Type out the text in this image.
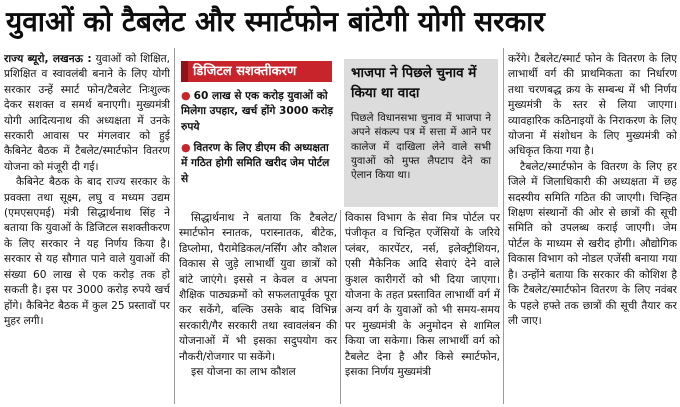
युवाओं को टैबलेट और स्मार्टफोन बांटेगी योगी सरकार

राज्य ब्यूरो, लखनऊ : युवाओं को शिक्षित, प्रशिक्षित व स्वावलंबी बनाने के लिए योगी सरकार उन्हें स्मार्ट फोन/टैबलेट निःशुल्क देकर सशक्त व समर्थ बनाएगी। मुख्यमंत्री योगी आदित्यनाथ की अध्यक्षता में उनके सरकारी आवास पर मंगलवार को हुई कैबिनेट बैठक में टैबलेट/स्मार्टफोन वितरण योजना को मंजूरी दी गई।

कैबिनेट बैठक के बाद राज्य सरकार के प्रवक्ता तथा सूक्ष्म, लघु व मध्यम उद्यम (एमएसएमई) मंत्री सिद्धार्थनाथ सिंह ने बताया कि युवाओं के डिजिटल सशक्तीकरण के लिए सरकार ने यह निर्णय किया है। सरकार से यह सौगात पाने वाले युवाओं की संख्या 60 लाख से एक करोड़ तक हो सकती है। इस पर 3000 करोड़ रुपये खर्च होंगे। कैबिनेट बैठक में कुल 25 प्रस्तावों पर मुहर लगी।

डिजिटल सशक्तीकरण
● 60 लाख से एक करोड़ युवाओं को मिलेगा उपहार, खर्च होंगे 3000 करोड़ रुपये
● वितरण के लिए डीएम की अध्यक्षता में गठित होगी समिति खरीद जेम पोर्टल से
भाजपा ने पिछले चुनाव में किया था वादा
पिछले विधानसभा चुनाव में भाजपा ने अपने संकल्प पत्र में सत्ता में आने पर कालेज में दाखिला लेने वाले सभी युवाओं को मुफ्त लैपटाप देने का ऐलान किया था।

सिद्धार्थनाथ ने बताया कि टैबलेट/स्मार्टफोन स्नातक, परास्नातक, बीटेक, डिप्लोमा, पैरामेडिकल/नर्सिंग और कौशल विकास से जुड़े लाभार्थी युवा छात्रों को बांटे जाएंगे। इससे न केवल व अपना शैक्षिक पाठ्यक्रमों को सफलतापूर्वक पूरा कर सकेंगे, बल्कि उसके बाद विभिन्न सरकारी/गैर सरकारी तथा स्वावलंबन की योजनाओं में भी इसका सदुपयोग कर नौकरी/रोजगार पा सकेंगे।

इस योजना का लाभ कौशल

विकास विभाग के सेवा मित्र पोर्टल पर पंजीकृत व चिन्हित एजेंसियों के जरिये प्लंबर, कारपेंटर, नर्स, इलेक्ट्रीशियन, एसी मैकेनिक आदि सेवाएं देने वाले कुशल कारीगरों को भी दिया जाएगा। योजना के तहत प्रस्तावित लाभार्थी वर्ग में अन्य वर्ग के युवाओं को भी समय-समय पर मुख्यमंत्री के अनुमोदन से शामिल किया जा सकेगा। किस लाभार्थी वर्ग को टैबलेट देना है और किसे स्मार्टफोन, इसका निर्णय मुख्यमंत्री

करेंगे। टैबलेट/स्मार्ट फोन के वितरण के लिए लाभार्थी वर्ग की प्राथमिकता का निर्धारण तथा चरणबद्ध क्रय के सम्बन्ध में भी निर्णय मुख्यमंत्री के स्तर से लिया जाएगा। व्यावहारिक कठिनाइयों के निराकरण के लिए योजना में संशोधन के लिए मुख्यमंत्री को अधिकृत किया गया है।

टैबलेट/स्मार्टफोन के वितरण के लिए हर जिले में जिलाधिकारी की अध्यक्षता में छह सदस्यीय समिति गठित की जाएगी। चिन्हित शिक्षण संस्थानों की ओर से छात्रों की सूची समिति को उपलब्ध कराई जाएगी। जेम पोर्टल के माध्यम से खरीद होगी। औद्योगिक विकास विभाग को नोडल एजेंसी बनाया गया है। उन्होंने बताया कि सरकार की कोशिश है कि टैबलेट/स्मार्टफोन वितरण के लिए नवंबर के पहले हफ्ते तक छात्रों की सूची तैयार कर ली जाए।
